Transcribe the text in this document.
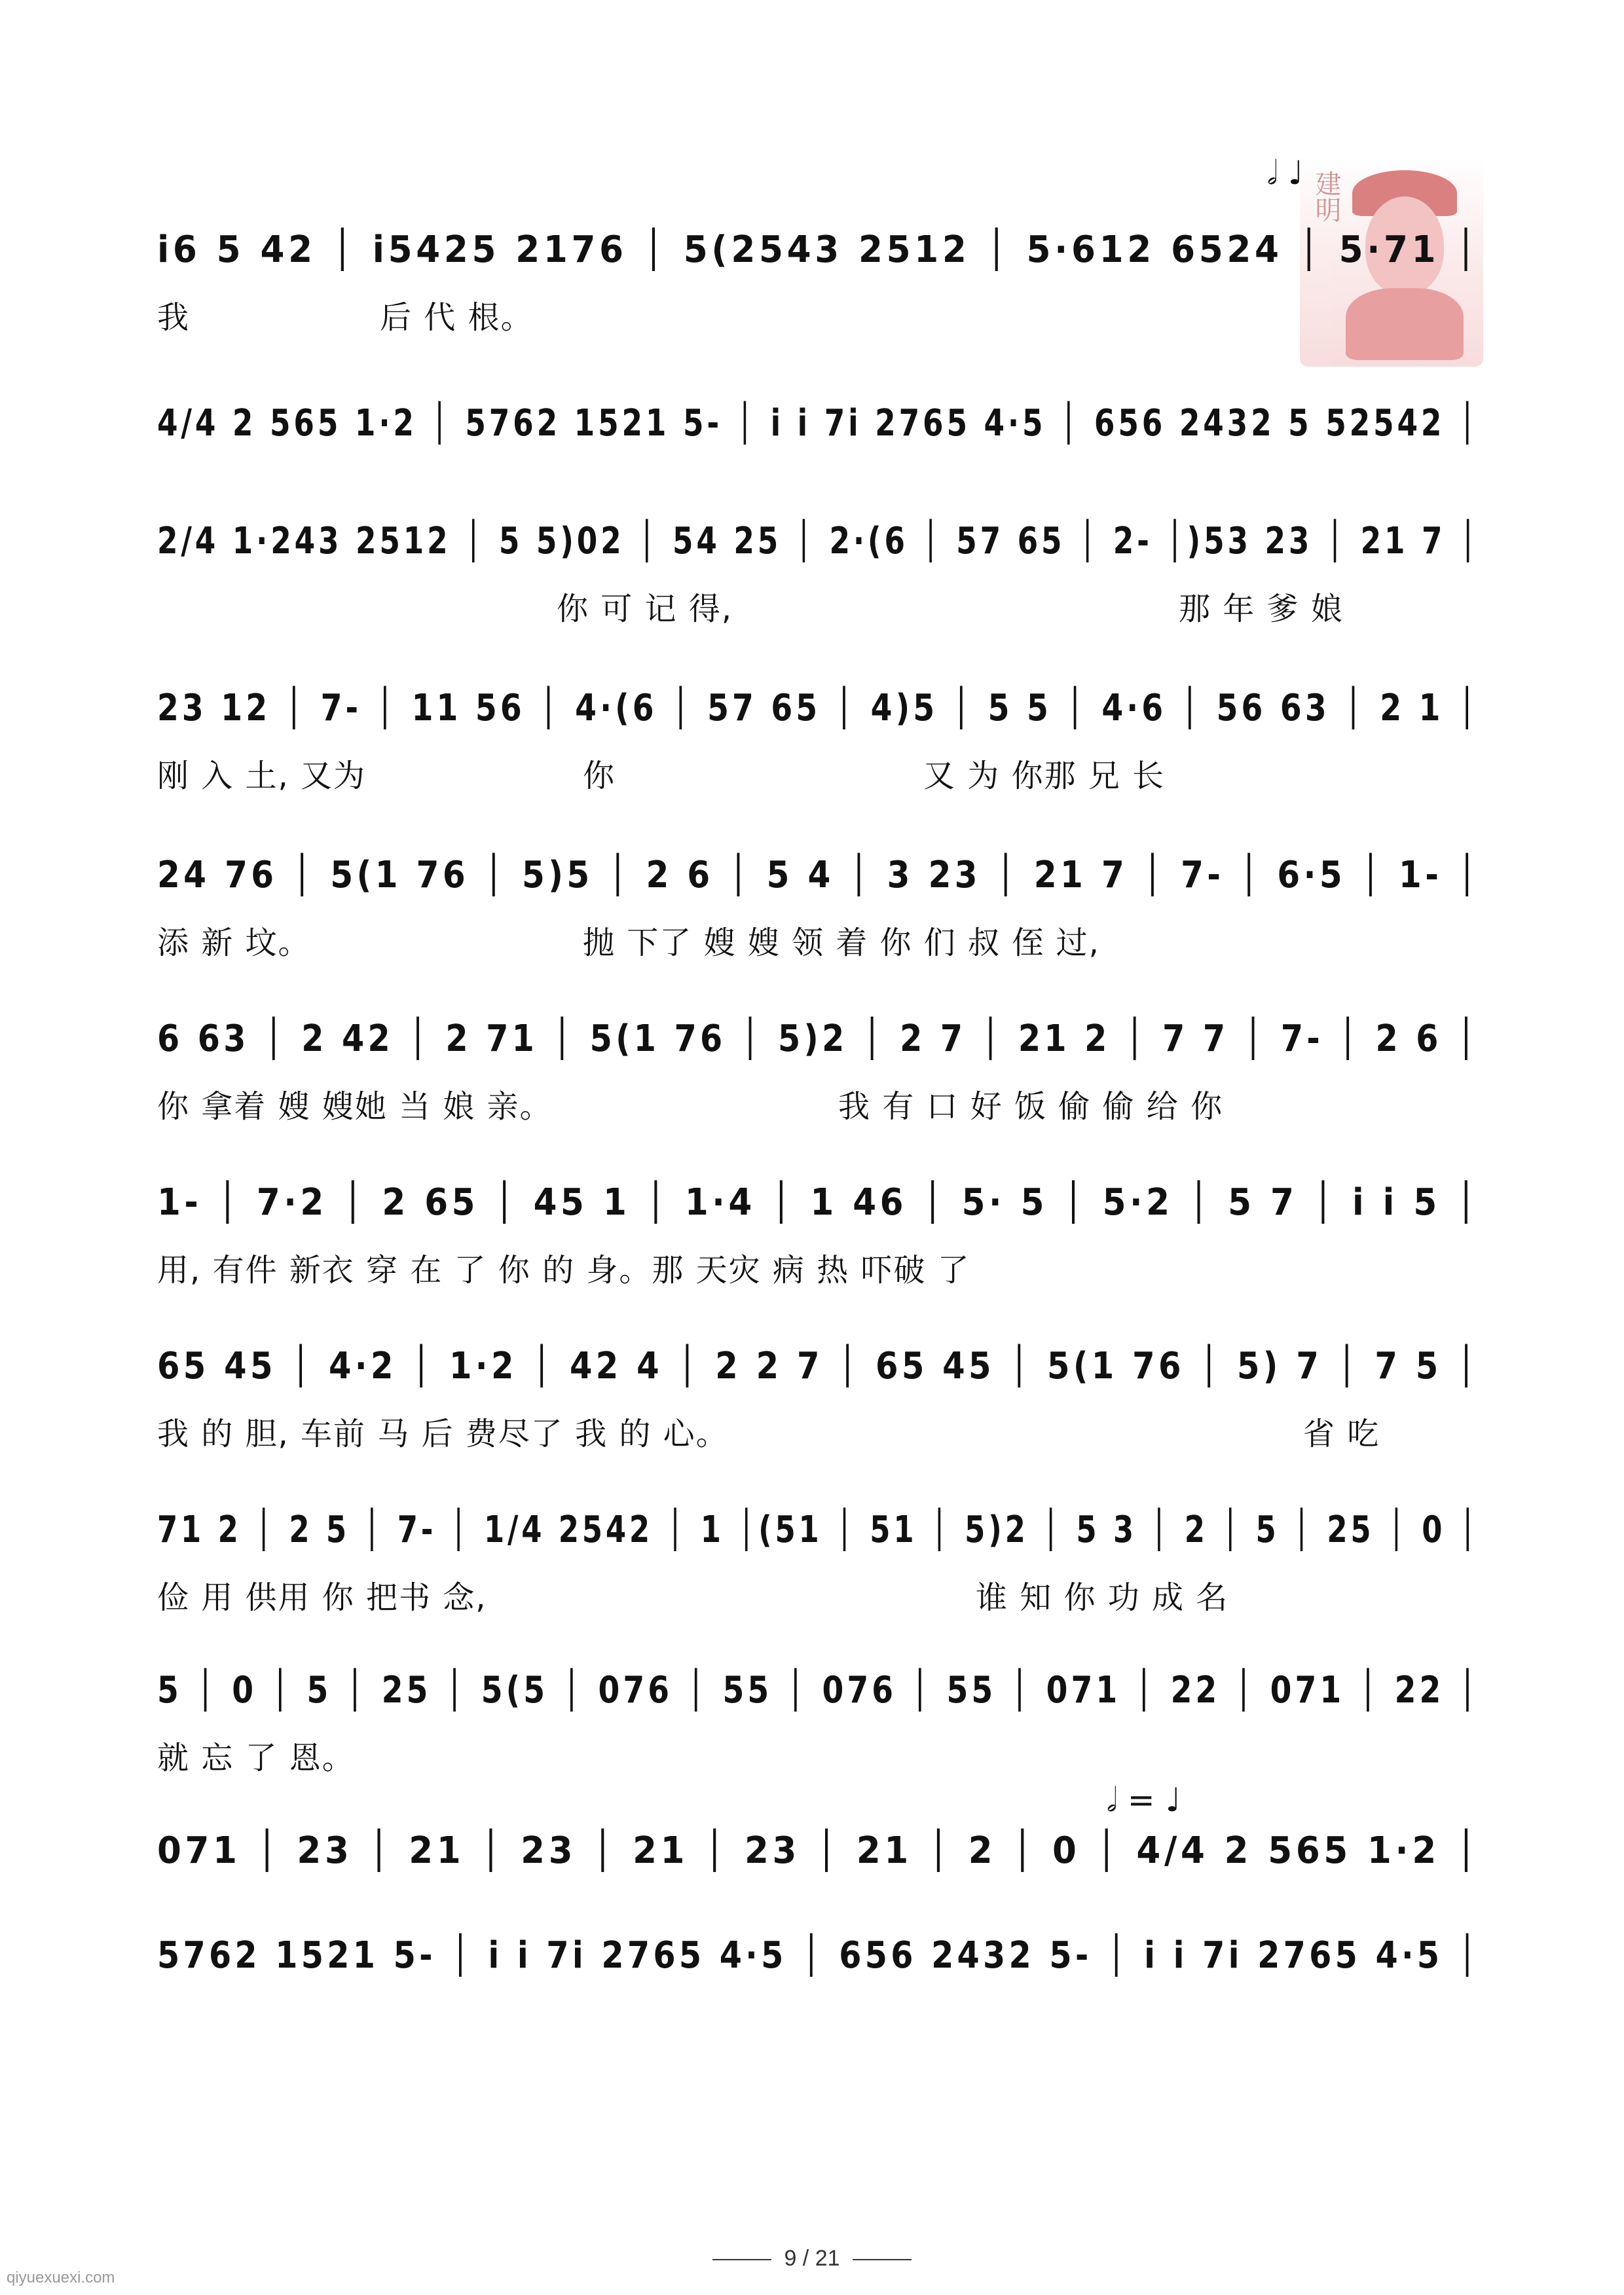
建明
𝅗𝅥 ♩
𝅗𝅥 = ♩
i6 5 42 │ i5425 2176 │ 5(2543 2512 │ 5·612 6524 │ 5·71 │
我	后 代 根。
4/4 2 565 1·2 │ 5762 1521 5- │ i i 7i 2765 4·5 │ 656 2432 5 52542 │
2/4 1·243 2512 │ 5 5)02 │ 54 25 │ 2·(6 │ 57 65 │ 2- │)53 23 │ 21 7 │
你 可 记 得,	那 年 爹 娘
23 12 │ 7- │ 11 56 │ 4·(6 │ 57 65 │ 4)5 │ 5 5 │ 4·6 │ 56 63 │ 2 1 │
刚 入 土, 又为	你	又 为 你那 兄 长
24 76 │ 5(1 76 │ 5)5 │ 2 6 │ 5 4 │ 3 23 │ 21 7 │ 7- │ 6·5 │ 1- │
添 新 坟。	抛 下了 嫂 嫂 领 着 你 们 叔 侄 过,
6 63 │ 2 42 │ 2 71 │ 5(1 76 │ 5)2 │ 2 7 │ 21 2 │ 7 7 │ 7- │ 2 6 │
你 拿着 嫂 嫂她 当 娘 亲。	我 有 口 好 饭 偷 偷 给 你
1- │ 7·2 │ 2 65 │ 45 1 │ 1·4 │ 1 46 │ 5· 5 │ 5·2 │ 5 7 │ i i 5 │
用, 有件 新衣 穿 在 了 你 的 身。那 天灾 病 热 吓破 了
65 45 │ 4·2 │ 1·2 │ 42 4 │ 2 2 7 │ 65 45 │ 5(1 76 │ 5) 7 │ 7 5 │
我 的 胆, 车前 马 后 费尽了 我 的 心。	省 吃
71 2 │ 2 5 │ 7- │ 1/4 2542 │ 1 │(51 │ 51 │ 5)2 │ 5 3 │ 2 │ 5 │ 25 │ 0 │
俭 用 供用 你 把书 念,	谁 知 你 功 成 名
5 │ 0 │ 5 │ 25 │ 5(5 │ 076 │ 55 │ 076 │ 55 │ 071 │ 22 │ 071 │ 22 │
就 忘 了 恩。
071 │ 23 │ 21 │ 23 │ 21 │ 23 │ 21 │ 2 │ 0 │ 4/4 2 565 1·2 │
5762 1521 5- │ i i 7i 2765 4·5 │ 656 2432 5- │ i i 7i 2765 4·5 │
9 / 21
qiyuexuexi.com
